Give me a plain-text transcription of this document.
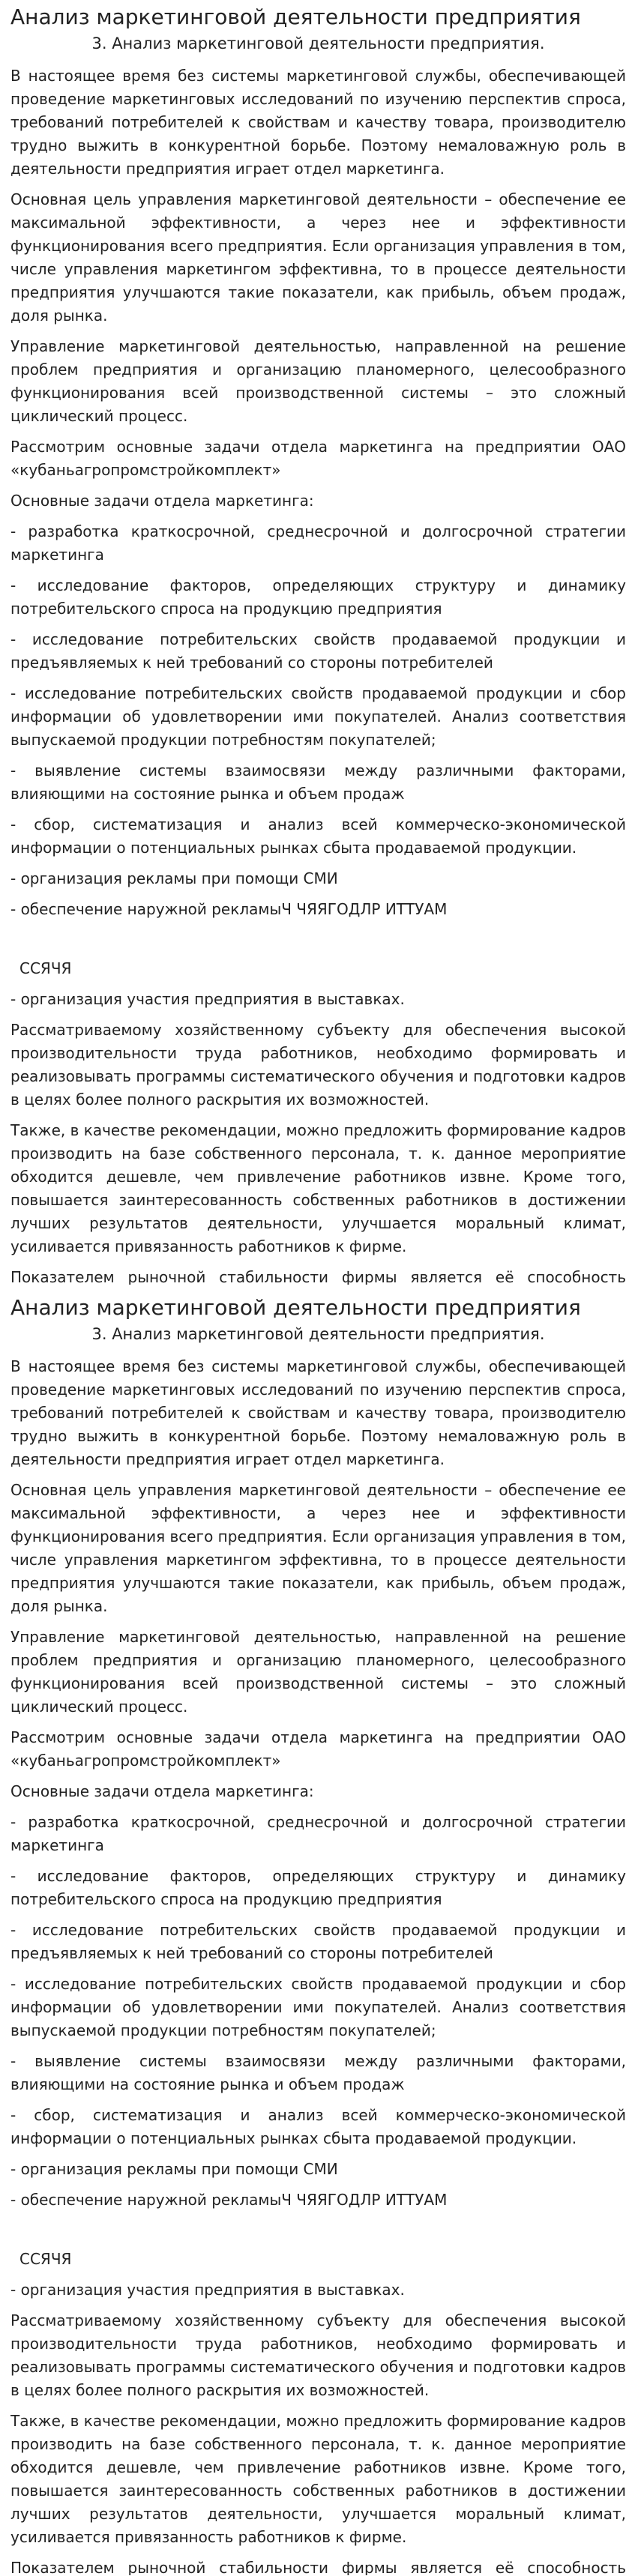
Анализ маркетинговой деятельности предприятия
3. Анализ маркетинговой деятельности предприятия.

В настоящее время без системы маркетинговой службы, обеспечивающей проведение маркетинговых исследований по изучению перспектив спроса, требований потребителей к свойствам и качеству товара, производителю трудно выжить в конкурентной борьбе. Поэтому немаловажную роль в деятельности предприятия играет отдел маркетинга.

Основная цель управления маркетинговой деятельности – обеспечение ее максимальной эффективности, а через нее и эффективности функционирования всего предприятия. Если организация управления в том, числе управления маркетингом эффективна, то в процессе деятельности предприятия улучшаются такие показатели, как прибыль, объем продаж, доля рынка.

Управление маркетинговой деятельностью, направленной на решение проблем предприятия и организацию планомерного, целесообразного функционирования всей производственной системы – это сложный циклический процесс.

Рассмотрим основные задачи отдела маркетинга на предприятии ОАО «кубаньагропромстройкомплект»

Основные задачи отдела маркетинга:

- разработка краткосрочной, среднесрочной и долгосрочной стратегии маркетинга

- исследование факторов, определяющих структуру и динамику потребительского спроса на продукцию предприятия

- исследование потребительских свойств продаваемой продукции и предъявляемых к ней требований со стороны потребителей

- исследование потребительских свойств продаваемой продукции и сбор информации об удовлетворении ими покупателей. Анализ соответствия выпускаемой продукции потребностям покупателей;

- выявление системы взаимосвязи между различными факторами, влияющими на состояние рынка и объем продаж

- сбор, систематизация и анализ всей коммерческо-экономической информации о потенциальных рынках сбыта продаваемой продукции.

- организация рекламы при помощи СМИ

- обеспечение наружной рекламыЧ ЧЯЯГОДЛР ИТТУАМ

ССЯЧЯ

- организация участия предприятия в выставках.

Рассматриваемому хозяйственному субъекту для обеспечения высокой производительности труда работников, необходимо формировать и реализовывать программы систематического обучения и подготовки кадров в целях более полного раскрытия их возможностей.

Также, в качестве рекомендации, можно предложить формирование кадров производить на базе собственного персонала, т. к. данное мероприятие обходится дешевле, чем привлечение работников извне. Кроме того, повышается заинтересованность собственных работников в достижении лучших результатов деятельности, улучшается моральный климат, усиливается привязанность работников к фирме.

Показателем рыночной стабильности фирмы является её способность

Анализ маркетинговой деятельности предприятия
3. Анализ маркетинговой деятельности предприятия.

В настоящее время без системы маркетинговой службы, обеспечивающей проведение маркетинговых исследований по изучению перспектив спроса, требований потребителей к свойствам и качеству товара, производителю трудно выжить в конкурентной борьбе. Поэтому немаловажную роль в деятельности предприятия играет отдел маркетинга.

Основная цель управления маркетинговой деятельности – обеспечение ее максимальной эффективности, а через нее и эффективности функционирования всего предприятия. Если организация управления в том, числе управления маркетингом эффективна, то в процессе деятельности предприятия улучшаются такие показатели, как прибыль, объем продаж, доля рынка.

Управление маркетинговой деятельностью, направленной на решение проблем предприятия и организацию планомерного, целесообразного функционирования всей производственной системы – это сложный циклический процесс.

Рассмотрим основные задачи отдела маркетинга на предприятии ОАО «кубаньагропромстройкомплект»

Основные задачи отдела маркетинга:

- разработка краткосрочной, среднесрочной и долгосрочной стратегии маркетинга

- исследование факторов, определяющих структуру и динамику потребительского спроса на продукцию предприятия

- исследование потребительских свойств продаваемой продукции и предъявляемых к ней требований со стороны потребителей

- исследование потребительских свойств продаваемой продукции и сбор информации об удовлетворении ими покупателей. Анализ соответствия выпускаемой продукции потребностям покупателей;

- выявление системы взаимосвязи между различными факторами, влияющими на состояние рынка и объем продаж

- сбор, систематизация и анализ всей коммерческо-экономической информации о потенциальных рынках сбыта продаваемой продукции.

- организация рекламы при помощи СМИ

- обеспечение наружной рекламыЧ ЧЯЯГОДЛР ИТТУАМ

ССЯЧЯ

- организация участия предприятия в выставках.

Рассматриваемому хозяйственному субъекту для обеспечения высокой производительности труда работников, необходимо формировать и реализовывать программы систематического обучения и подготовки кадров в целях более полного раскрытия их возможностей.

Также, в качестве рекомендации, можно предложить формирование кадров производить на базе собственного персонала, т. к. данное мероприятие обходится дешевле, чем привлечение работников извне. Кроме того, повышается заинтересованность собственных работников в достижении лучших результатов деятельности, улучшается моральный климат, усиливается привязанность работников к фирме.

Показателем рыночной стабильности фирмы является её способность
